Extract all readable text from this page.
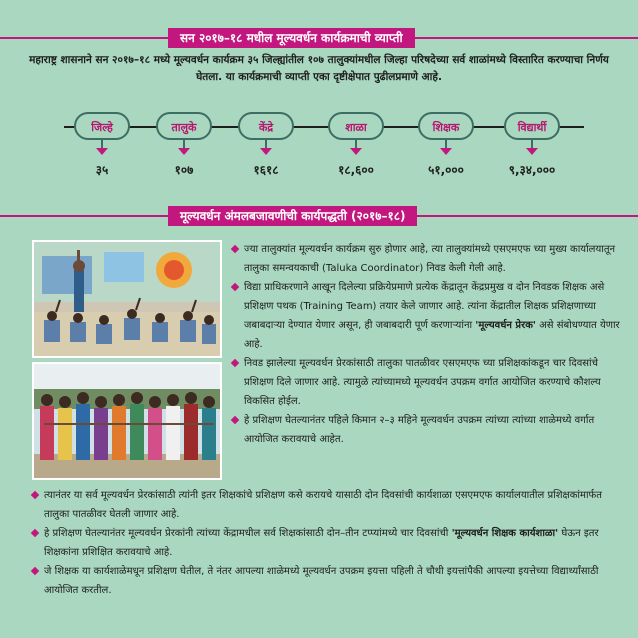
सन २०१७–१८ मधील मूल्यवर्धन कार्यक्रमाची व्याप्ती
महाराष्ट्र शासनाने सन २०१७–१८ मध्ये मूल्यवर्धन कार्यक्रम ३५ जिल्ह्यांतील १०७ तालुक्यांमधील जिल्हा परिषदेच्या सर्व शाळांमध्ये विस्तारित करण्याचा निर्णय घेतला. या कार्यक्रमाची व्याप्ती एका दृष्टीक्षेपात पुढीलप्रमाणे आहे.
जिल्हे
३५
तालुके
१०७
केंद्रे
१६१८
शाळा
१८,६००
शिक्षक
५१,०००
विद्यार्थी
९,३४,०००
मूल्यवर्धन अंमलबजावणीची कार्यपद्धती (२०१७–१८)
ज्या तालुक्यांत मूल्यवर्धन कार्यक्रम सुरु होणार आहे, त्या तालुक्यांमध्ये एसएमएफ च्या मुख्य कार्यालयातून तालुका समन्वयकाची (Taluka Coordinator) निवड केली गेली आहे.
विद्या प्राधिकरणाने आखून दिलेल्या प्रक्रियेप्रमाणे प्रत्येक केंद्रातून केंद्रप्रमुख व दोन निवडक शिक्षक असे प्रशिक्षण पथक (Training Team) तयार केले जाणार आहे. त्यांना केंद्रातील शिक्षक प्रशिक्षणाच्या जबाबदाऱ्या देण्यात येणार असून, ही जबाबदारी पूर्ण करणाऱ्यांना 'मूल्यवर्धन प्रेरक' असे संबोधण्यात येणार आहे.
निवड झालेल्या मूल्यवर्धन प्रेरकांसाठी तालुका पातळीवर एसएमएफ च्या प्रशिक्षकांकडून चार दिवसांचे प्रशिक्षण दिले जाणार आहे. त्यामुळे त्यांच्यामध्ये मूल्यवर्धन उपक्रम वर्गात आयोजित करण्याचे कौशल्य विकसित होईल.
हे प्रशिक्षण घेतल्यानंतर पहिले किमान २–३ महिने मूल्यवर्धन उपक्रम त्यांच्या त्यांच्या शाळेमध्ये वर्गात आयोजित करावयाचे आहेत.
त्यानंतर या सर्व मूल्यवर्धन प्रेरकांसाठी त्यांनी इतर शिक्षकांचे प्रशिक्षण कसे करायचे यासाठी दोन दिवसांची कार्यशाळा एसएमएफ कार्यालयातील प्रशिक्षकांमार्फत तालुका पातळीवर घेतली जाणार आहे.
हे प्रशिक्षण घेतल्यानंतर मूल्यवर्धन प्रेरकांनी त्यांच्या केंद्रामधील सर्व शिक्षकांसाठी दोन–तीन टप्प्यांमध्ये चार दिवसांची 'मूल्यवर्धन शिक्षक कार्यशाळा' घेऊन इतर शिक्षकांना प्रशिक्षित करावयाचे आहे.
जे शिक्षक या कार्यशाळेमधून प्रशिक्षण घेतील, ते नंतर आपल्या शाळेमध्ये मूल्यवर्धन उपक्रम इयत्ता पहिली ते चौथी इयत्तांपैकी आपल्या इयत्तेच्या विद्यार्थ्यांसाठी आयोजित करतील.
